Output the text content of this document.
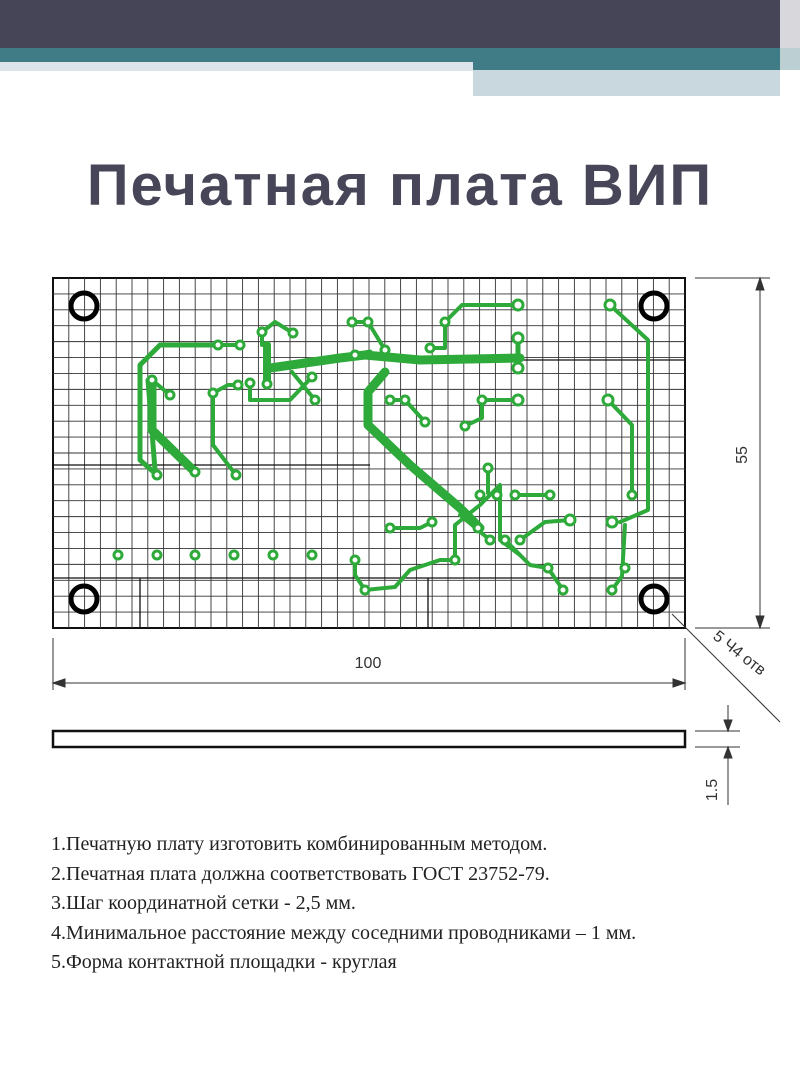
Печатная плата ВИП
55
100	5 Ч4 отв
1.5
1.Печатную плату изготовить комбинированным методом.
2.Печатная плата должна соответствовать ГОСТ 23752-79.
3.Шаг координатной сетки - 2,5 мм.
4.Минимальное расстояние между соседними проводниками – 1 мм.
5.Форма контактной площадки - круглая
